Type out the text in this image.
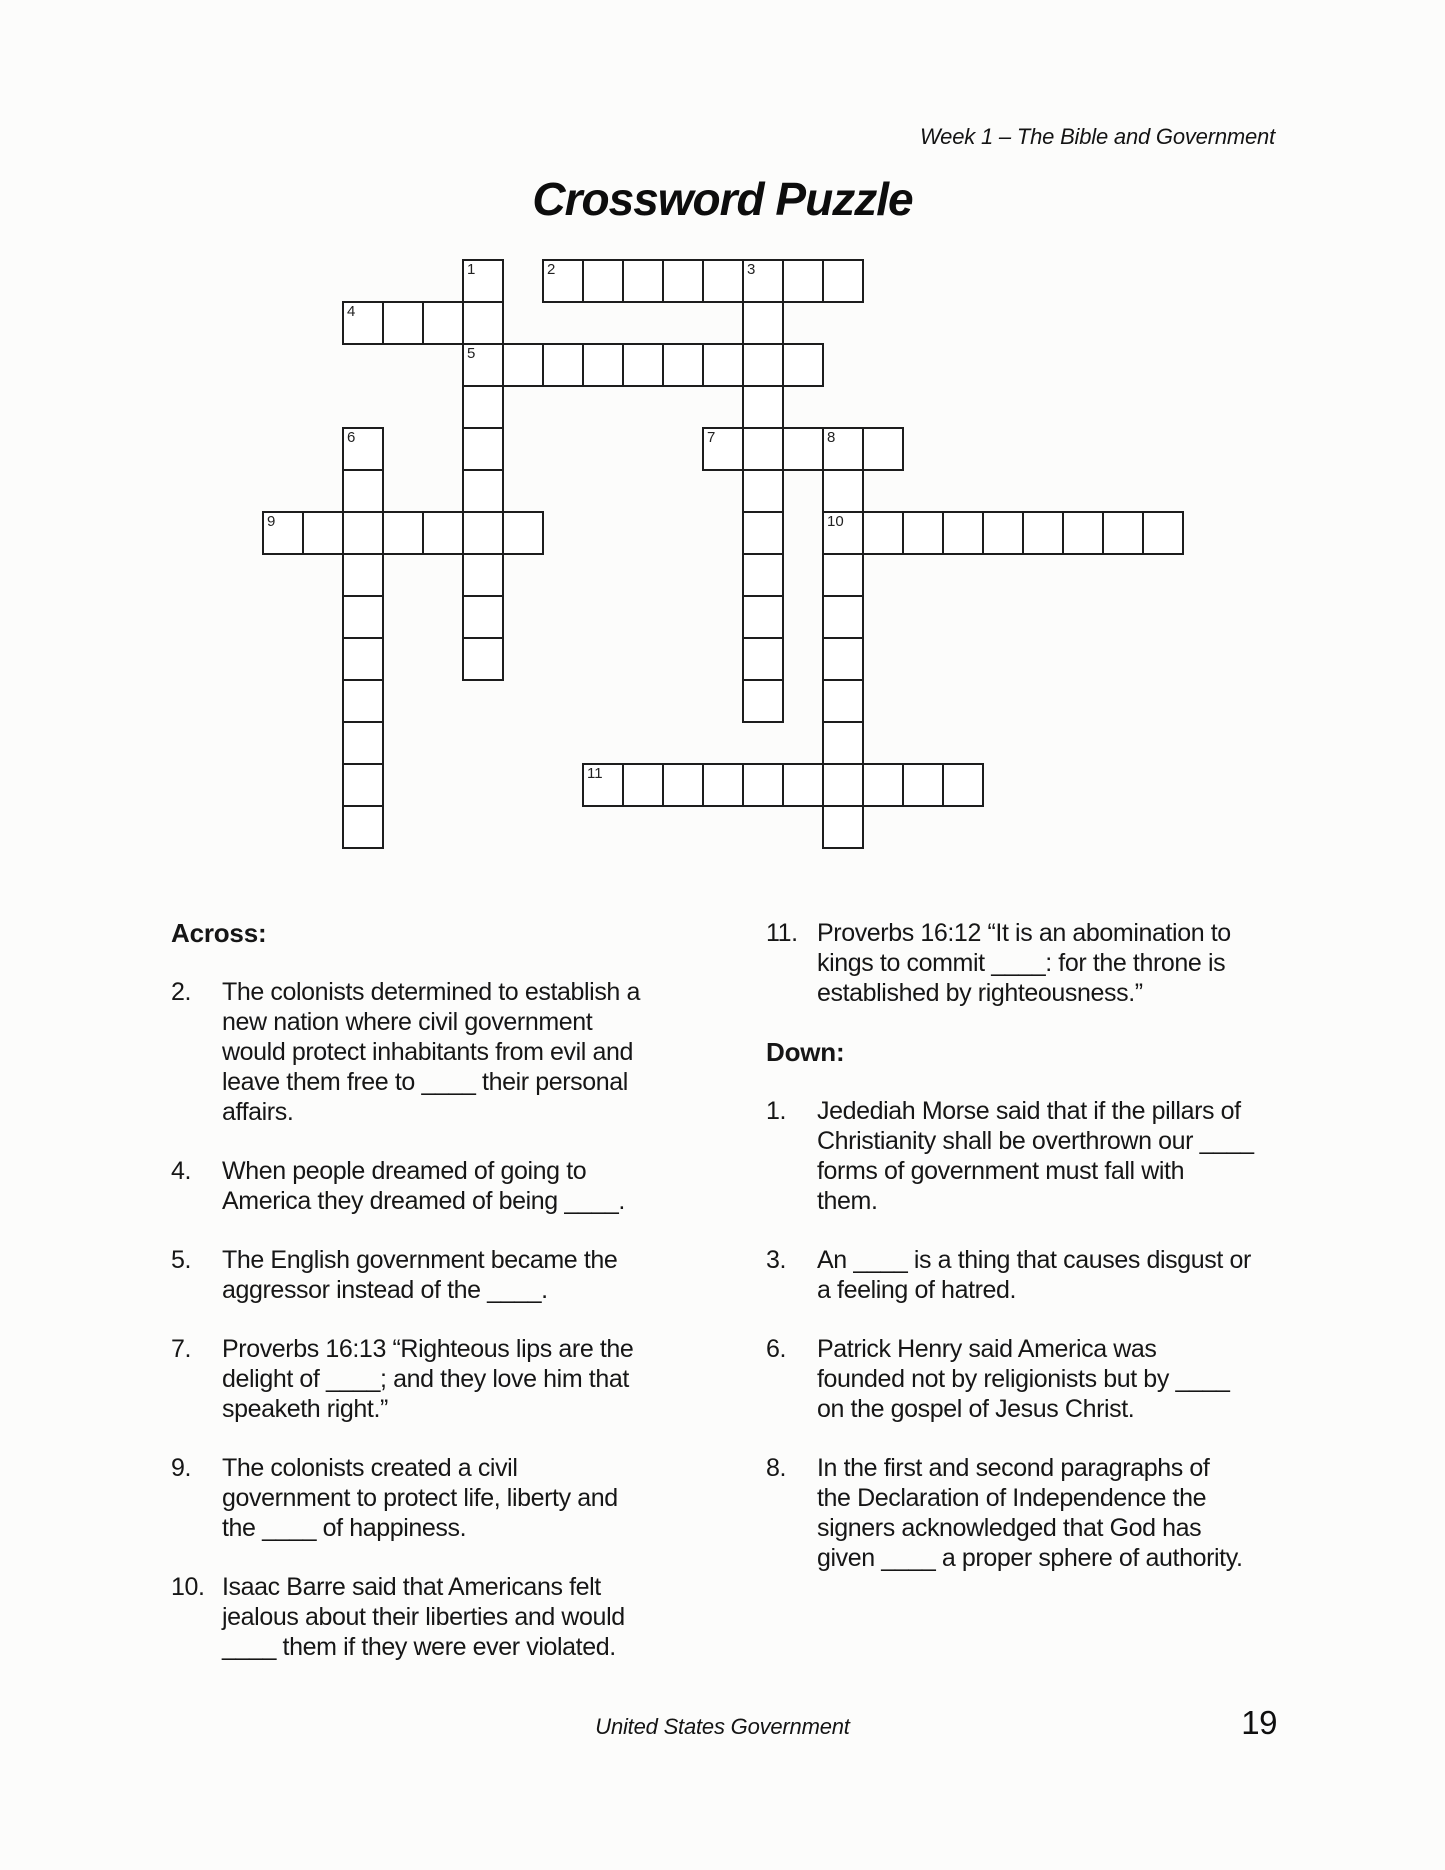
Week 1 – The Bible and Government
Crossword Puzzle
1
5
2	3
4
6	7	8
10
9
11
Across:
2.	The colonists determined to establish a
new nation where civil government
would protect inhabitants from evil and
leave them free to ____ their personal
affairs.
4.	When people dreamed of going to
America they dreamed of being ____.
5.	The English government became the
aggressor instead of the ____.
7.	Proverbs 16:13 “Righteous lips are the
delight of ____; and they love him that
speaketh right.”
9.	The colonists created a civil
government to protect life, liberty and
the ____ of happiness.
10. Isaac Barre said that Americans felt
jealous about their liberties and would
____ them if they were ever violated.
11. Proverbs 16:12 “It is an abomination to
kings to commit ____: for the throne is
established by righteousness.”
Down:
1.	Jedediah Morse said that if the pillars of
Christianity shall be overthrown our ____
forms of government must fall with
them.
3.	An ____ is a thing that causes disgust or
a feeling of hatred.
6.	Patrick Henry said America was
founded not by religionists but by ____
on the gospel of Jesus Christ.
8.	In the first and second paragraphs of
the Declaration of Independence the
signers acknowledged that God has
given ____ a proper sphere of authority.
United States Government	19
